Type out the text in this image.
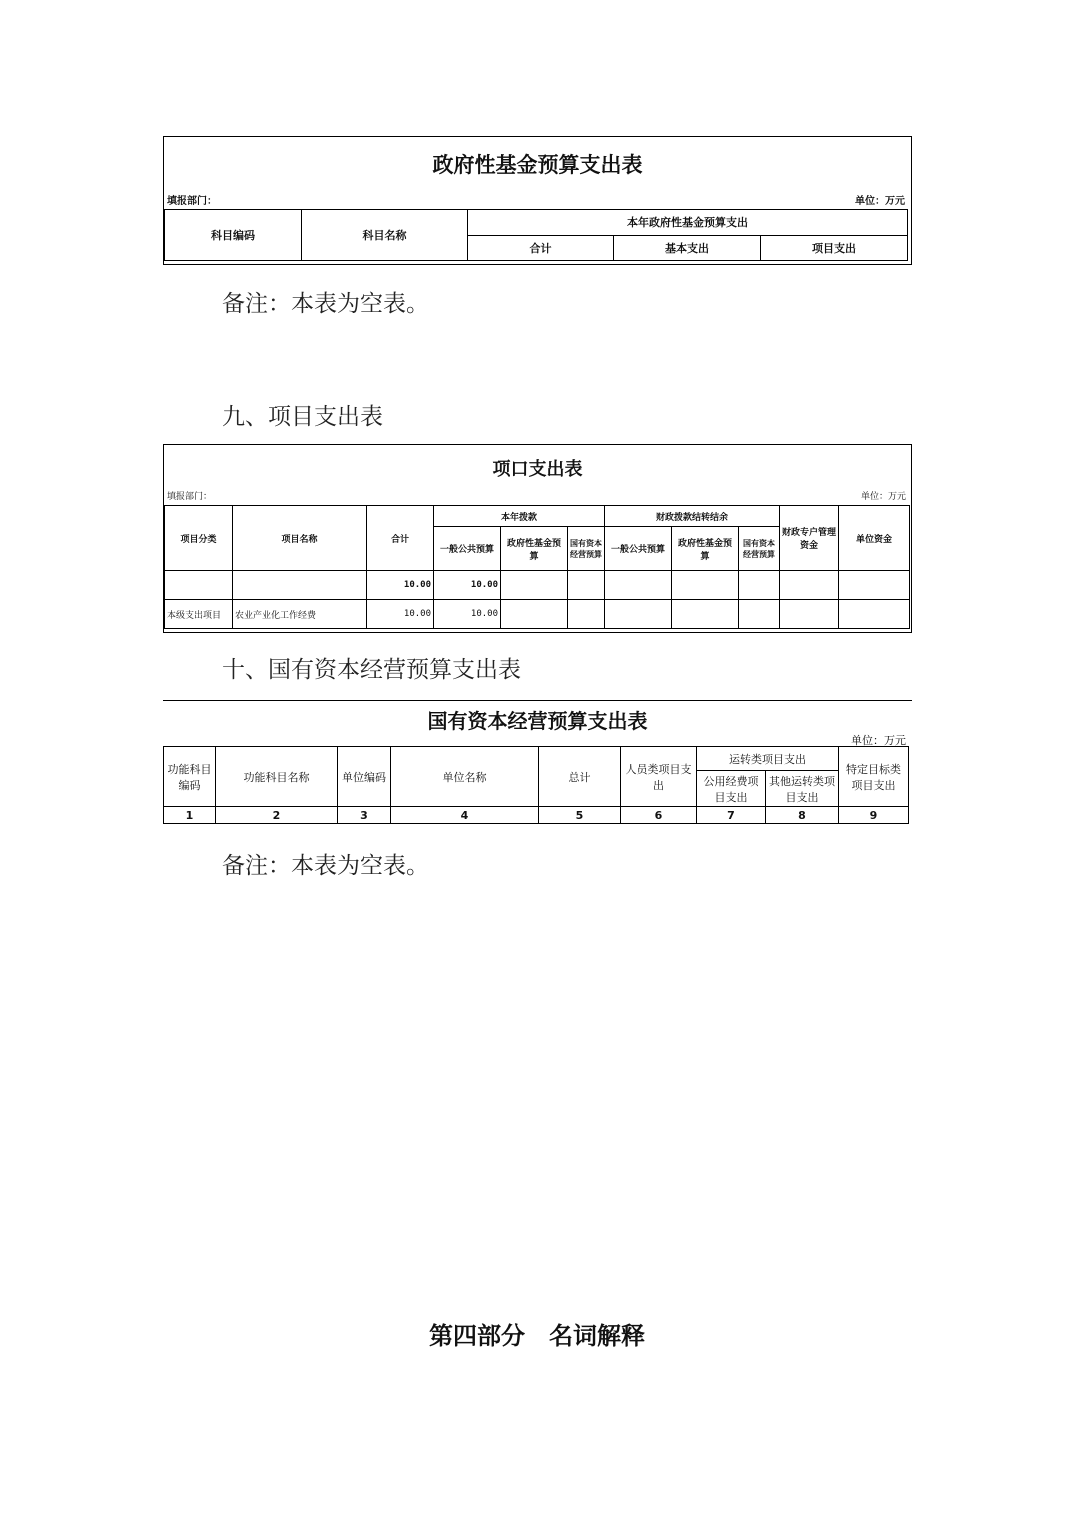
政府性基金预算支出表
填报部门：	单位：万元
科目编码	科目名称	本年政府性基金预算支出		
		合计	基本支出	项目支出
备注：本表为空表。
九、项目支出表
项口支出表
填报部门：	单位：万元
项目分类	项目名称	合计	本年拨款			财政拨款结转结余			财政专户管理资金	单位资金
			一般公共预算	政府性基金预算	国有资本经营预算	一般公共预算	政府性基金预算	国有资本经营预算		
		10.00	10.00							
本级支出项目	农业产业化工作经费	10.00	10.00							
十、国有资本经营预算支出表
国有资本经营预算支出表
单位：万元
功能科目编码	功能科目名称	单位编码	单位名称	总计	人员类项目支出	运转类项目支出		特定目标类项目支出
						公用经费项目支出	其他运转类项目支出	
1	2	3	4	5	6	7	8	9
备注：本表为空表。
第四部分　名词解释
